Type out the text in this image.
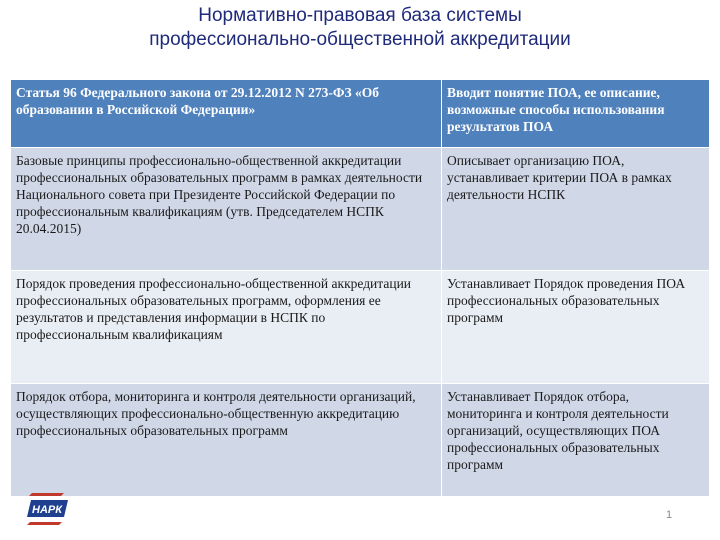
Нормативно-правовая база системы
профессионально-общественной аккредитации
Статья 96 Федерального закона от 29.12.2012 N 273-ФЗ «Об образовании в Российской Федерации»	Вводит понятие ПОА, ее описание, возможные способы использования результатов ПОА
Базовые принципы профессионально-общественной аккредитации профессиональных образовательных программ в рамках деятельности Национального совета при Президенте Российской Федерации по профессиональным квалификациям (утв. Председателем НСПК 20.04.2015)	Описывает организацию ПОА, устанавливает критерии ПОА в рамках деятельности НСПК
Порядок проведения профессионально-общественной аккредитации профессиональных образовательных программ, оформления ее результатов и представления информации в НСПК по профессиональным квалификациям	Устанавливает Порядок проведения ПОА профессиональных образовательных программ
Порядок отбора, мониторинга и контроля деятельности организаций, осуществляющих профессионально-общественную аккредитацию профессиональных образовательных программ	Устанавливает Порядок отбора, мониторинга и контроля деятельности организаций, осуществляющих ПОА профессиональных образовательных программ
НАРК	1
